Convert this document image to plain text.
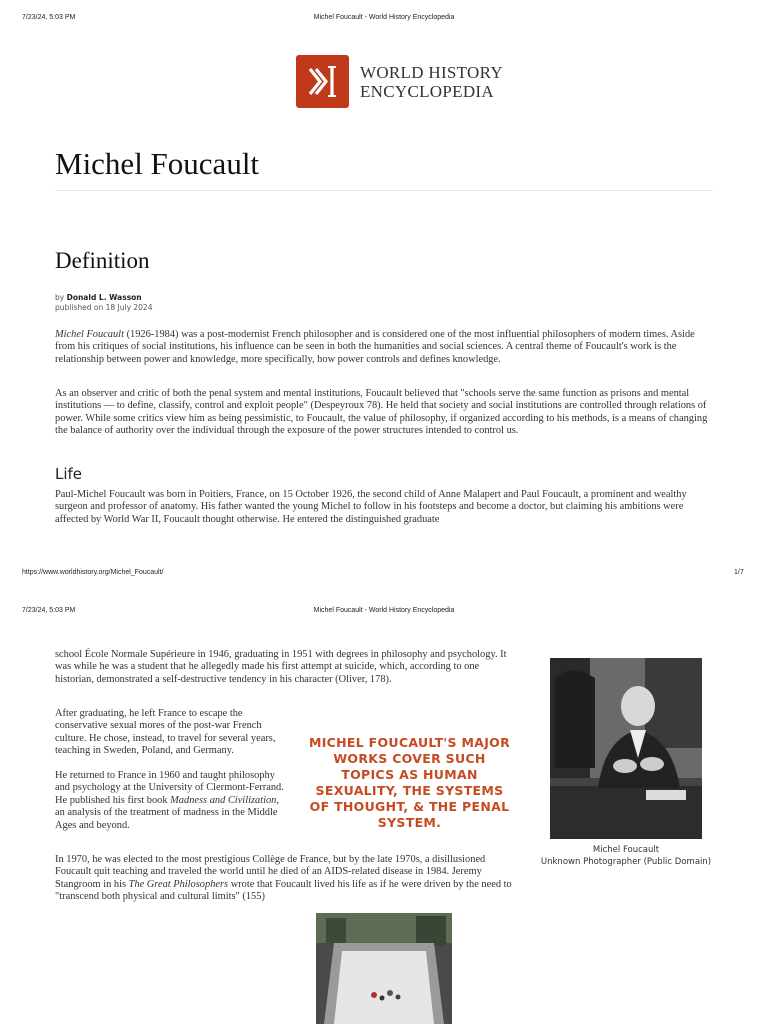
7/23/24, 5:03 PM	Michel Foucault - World History Encyclopedia
WORLD HISTORY
ENCYCLOPEDIA
Michel Foucault
Definition
by Donald L. Wasson
published on 18 July 2024

Michel Foucault (1926-1984) was a post-modernist French philosopher and is considered one of the most influential philosophers of modern times. Aside from his critiques of social institutions, his influence can be seen in both the humanities and social sciences. A central theme of Foucault's work is the relationship between power and knowledge, more specifically, how power controls and defines knowledge.

As an observer and critic of both the penal system and mental institutions, Foucault believed that "schools serve the same function as prisons and mental institutions — to define, classify, control and exploit people" (Despeyroux 78). He held that society and social institutions are controlled through relations of power. While some critics view him as being pessimistic, to Foucault, the value of philosophy, if organized according to his methods, is a means of changing the balance of authority over the individual through the exposure of the power structures intended to control us.

Life

Paul-Michel Foucault was born in Poitiers, France, on 15 October 1926, the second child of Anne Malapert and Paul Foucault, a prominent and wealthy surgeon and professor of anatomy. His father wanted the young Michel to follow in his footsteps and become a doctor, but claiming his ambitions were affected by World War II, Foucault thought otherwise. He entered the distinguished graduate

https://www.worldhistory.org/Michel_Foucault/	1/7
7/23/24, 5:03 PM	Michel Foucault - World History Encyclopedia

school École Normale Supérieure in 1946, graduating in 1951 with degrees in philosophy and psychology. It was while he was a student that he allegedly made his first attempt at suicide, which, according to one historian, demonstrated a self-destructive tendency in his character (Oliver, 178).

After graduating, he left France to escape the conservative sexual mores of the post-war French culture. He chose, instead, to travel for several years, teaching in Sweden, Poland, and Germany.

He returned to France in 1960 and taught philosophy and psychology at the University of Clermont-Ferrand. He published his first book Madness and Civilization, an analysis of the treatment of madness in the Middle Ages and beyond.

MICHEL FOUCAULT'S MAJOR WORKS COVER SUCH TOPICS AS HUMAN SEXUALITY, THE SYSTEMS OF THOUGHT, & THE PENAL SYSTEM.
Michel Foucault
Unknown Photographer (Public Domain)

In 1970, he was elected to the most prestigious Collège de France, but by the late 1970s, a disillusioned Foucault quit teaching and traveled the world until he died of an AIDS-related disease in 1984. Jeremy Stangroom in his The Great Philosophers wrote that Foucault lived his life as if he were driven by the need to "transcend both physical and cultural limits" (155)
